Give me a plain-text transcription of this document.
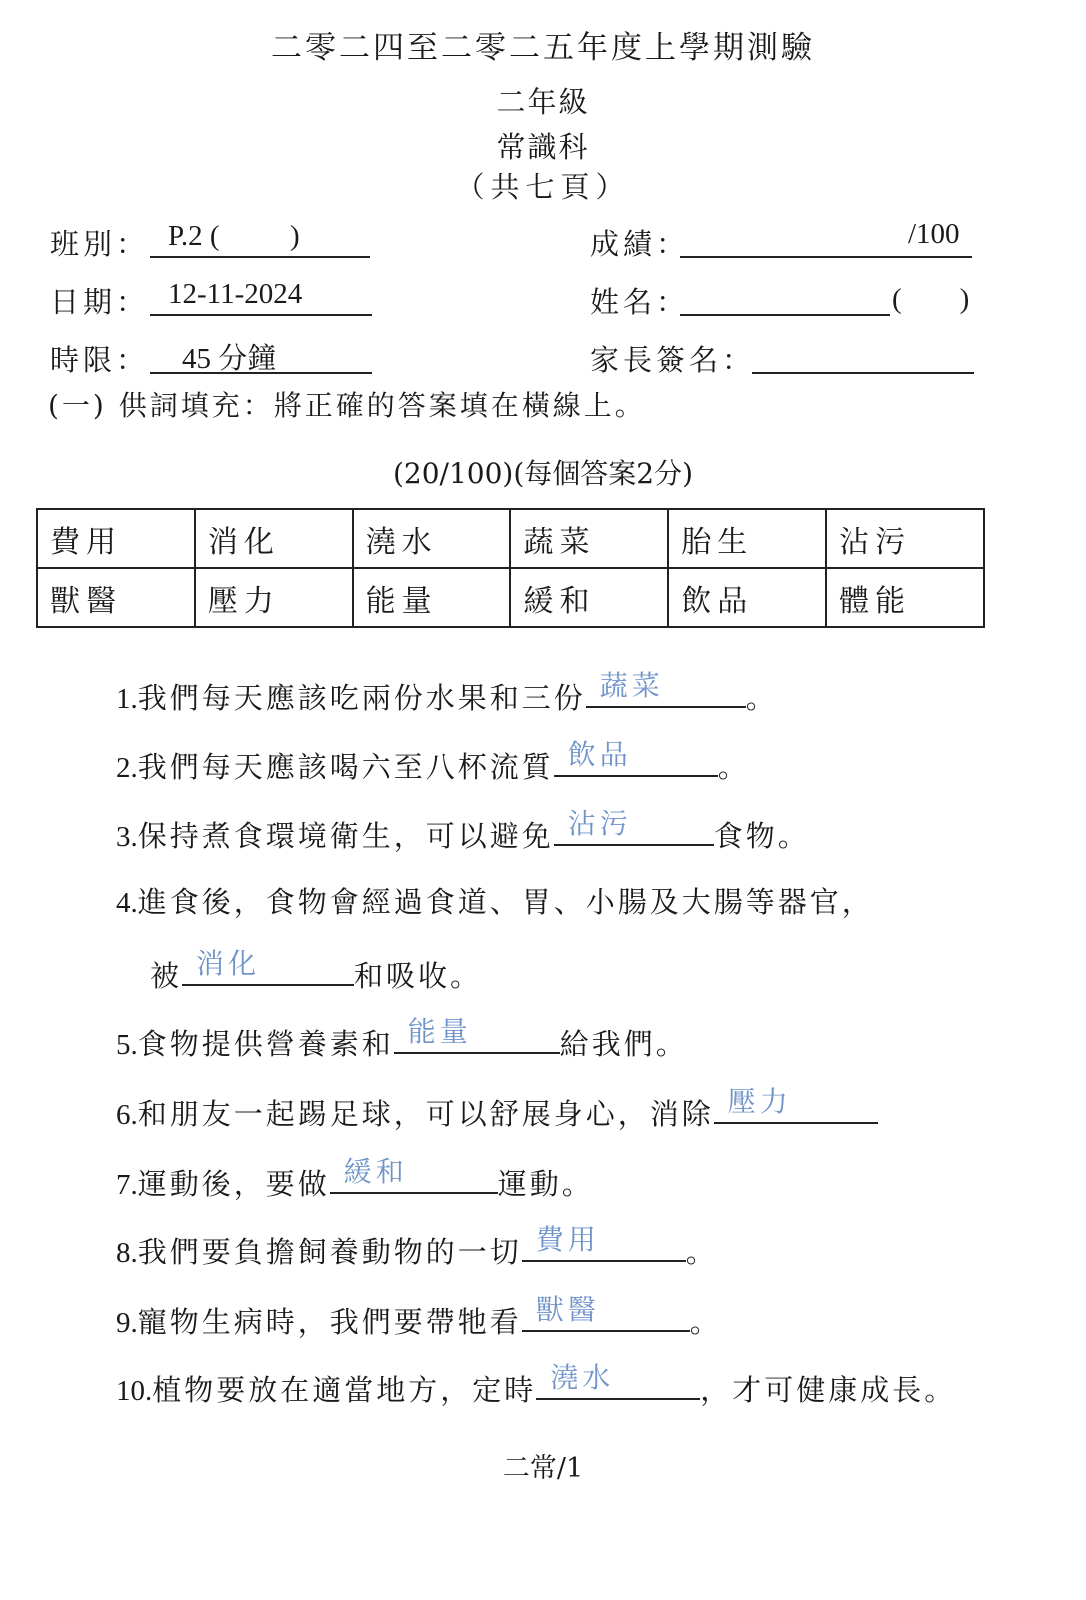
二零二四至二零二五年度上學期測驗
二年級
常識科
（共七頁）
班別： P.2 ( )
日期： 12-11-2024
時限： 45 分鐘
成績：	/100
姓名：	(　　)
家長簽名：
(一) 供詞填充：將正確的答案填在橫線上。
(20/100)(每個答案2分)
費用	消化	澆水	蔬菜	胎生	沾污
獸醫	壓力	能量	緩和	飲品	體能
1.我們每天應該吃兩份水果和三份 蔬菜	。
2.我們每天應該喝六至八杯流質 飲品	。
3.保持煮食環境衛生，可以避免 沾污	食物。
4.進食後，食物會經過食道、胃、小腸及大腸等器官，
被 消化	和吸收。
5.食物提供營養素和 能量	給我們。
6.和朋友一起踢足球，可以舒展身心，消除 壓力
7.運動後，要做 緩和	運動。
8.我們要負擔飼養動物的一切 費用	。
9.寵物生病時，我們要帶牠看 獸醫	。
10.植物要放在適當地方，定時 澆水	，才可健康成長。
二常/1
